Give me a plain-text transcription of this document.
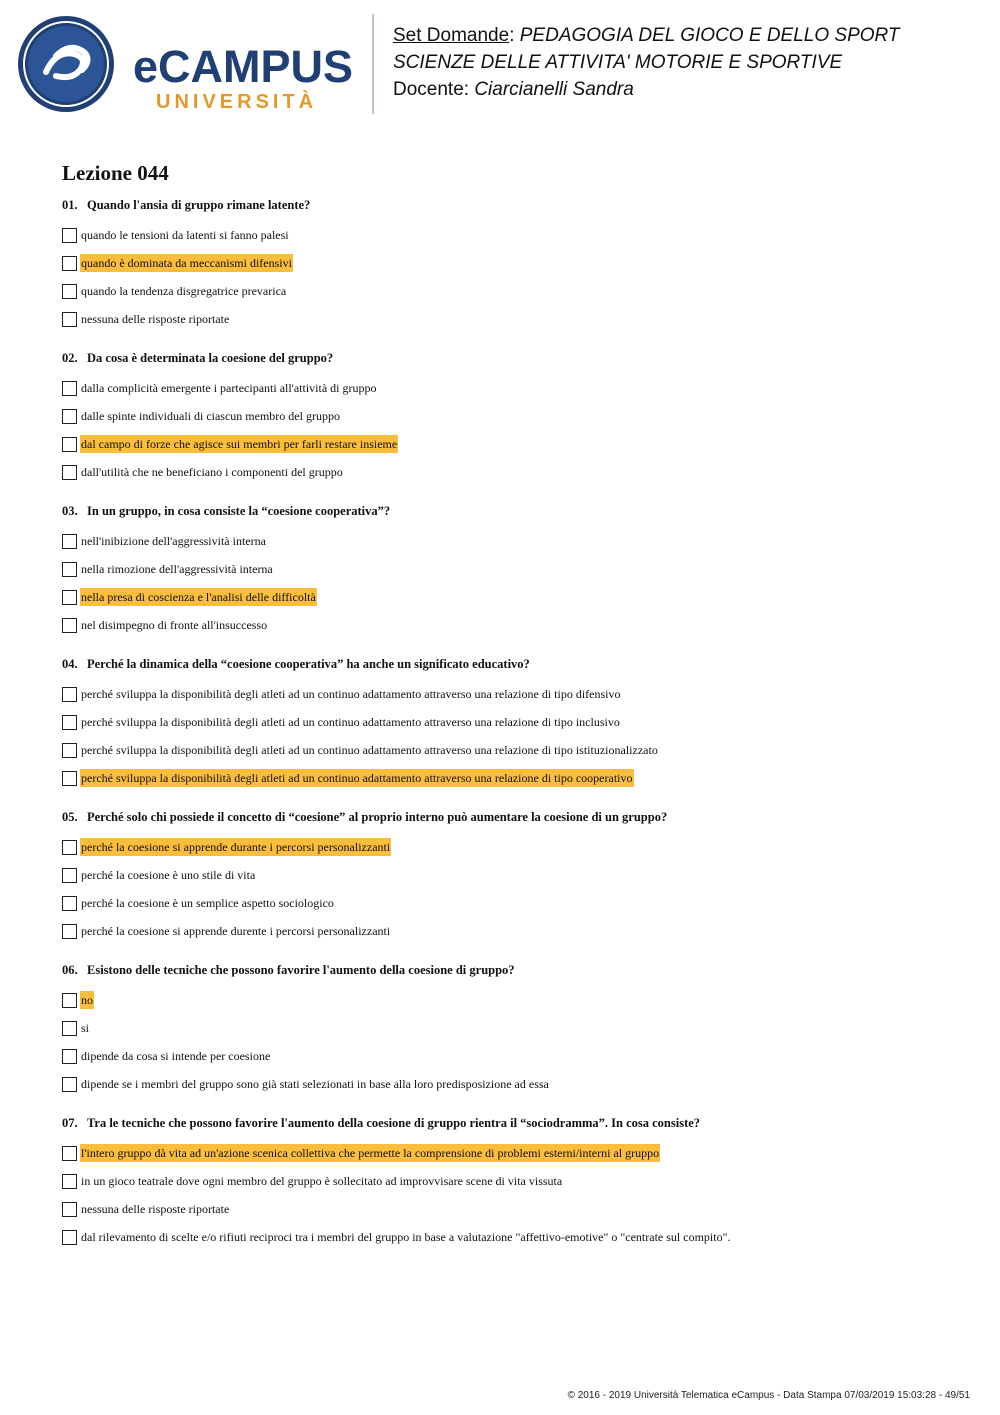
eCAMPUS
UNIVERSITÀ
Set Domande: PEDAGOGIA DEL GIOCO E DELLO SPORT
SCIENZE DELLE ATTIVITA' MOTORIE E SPORTIVE
Docente: Ciarcianelli Sandra
Lezione 044
01. Quando l'ansia di gruppo rimane latente?
quando le tensioni da latenti si fanno palesi
quando è dominata da meccanismi difensivi
quando la tendenza disgregatrice prevarica
nessuna delle risposte riportate
02. Da cosa è determinata la coesione del gruppo?
dalla complicità emergente i partecipanti all'attività di gruppo
dalle spinte individuali di ciascun membro del gruppo
dal campo di forze che agisce sui membri per farli restare insieme
dall'utilità che ne beneficiano i componenti del gruppo
03. In un gruppo, in cosa consiste la “coesione cooperativa”?
nell'inibizione dell'aggressività interna
nella rimozione dell'aggressività interna
nella presa di coscienza e l'analisi delle difficoltà
nel disimpegno di fronte all'insuccesso
04. Perché la dinamica della “coesione cooperativa” ha anche un significato educativo?
perché sviluppa la disponibilità degli atleti ad un continuo adattamento attraverso una relazione di tipo difensivo
perché sviluppa la disponibilità degli atleti ad un continuo adattamento attraverso una relazione di tipo inclusivo
perché sviluppa la disponibilità degli atleti ad un continuo adattamento attraverso una relazione di tipo istituzionalizzato
perché sviluppa la disponibilità degli atleti ad un continuo adattamento attraverso una relazione di tipo cooperativo
05. Perché solo chi possiede il concetto di “coesione” al proprio interno può aumentare la coesione di un gruppo?
perché la coesione si apprende durante i percorsi personalizzanti
perché la coesione è uno stile di vita
perché la coesione è un semplice aspetto sociologico
perché la coesione si apprende durente i percorsi personalizzanti
06. Esistono delle tecniche che possono favorire l'aumento della coesione di gruppo?
no
si
dipende da cosa si intende per coesione
dipende se i membri del gruppo sono già stati selezionati in base alla loro predisposizione ad essa
07. Tra le tecniche che possono favorire l'aumento della coesione di gruppo rientra il “sociodramma”. In cosa consiste?
l'intero gruppo dà vita ad un'azione scenica collettiva che permette la comprensione di problemi esterni/interni al gruppo
in un gioco teatrale dove ogni membro del gruppo è sollecitato ad improvvisare scene di vita vissuta
nessuna delle risposte riportate
dal rilevamento di scelte e/o rifiuti reciproci tra i membri del gruppo in base a valutazione "affettivo-emotive" o "centrate sul compito".
© 2016 - 2019 Università Telematica eCampus - Data Stampa 07/03/2019 15:03:28 - 49/51
